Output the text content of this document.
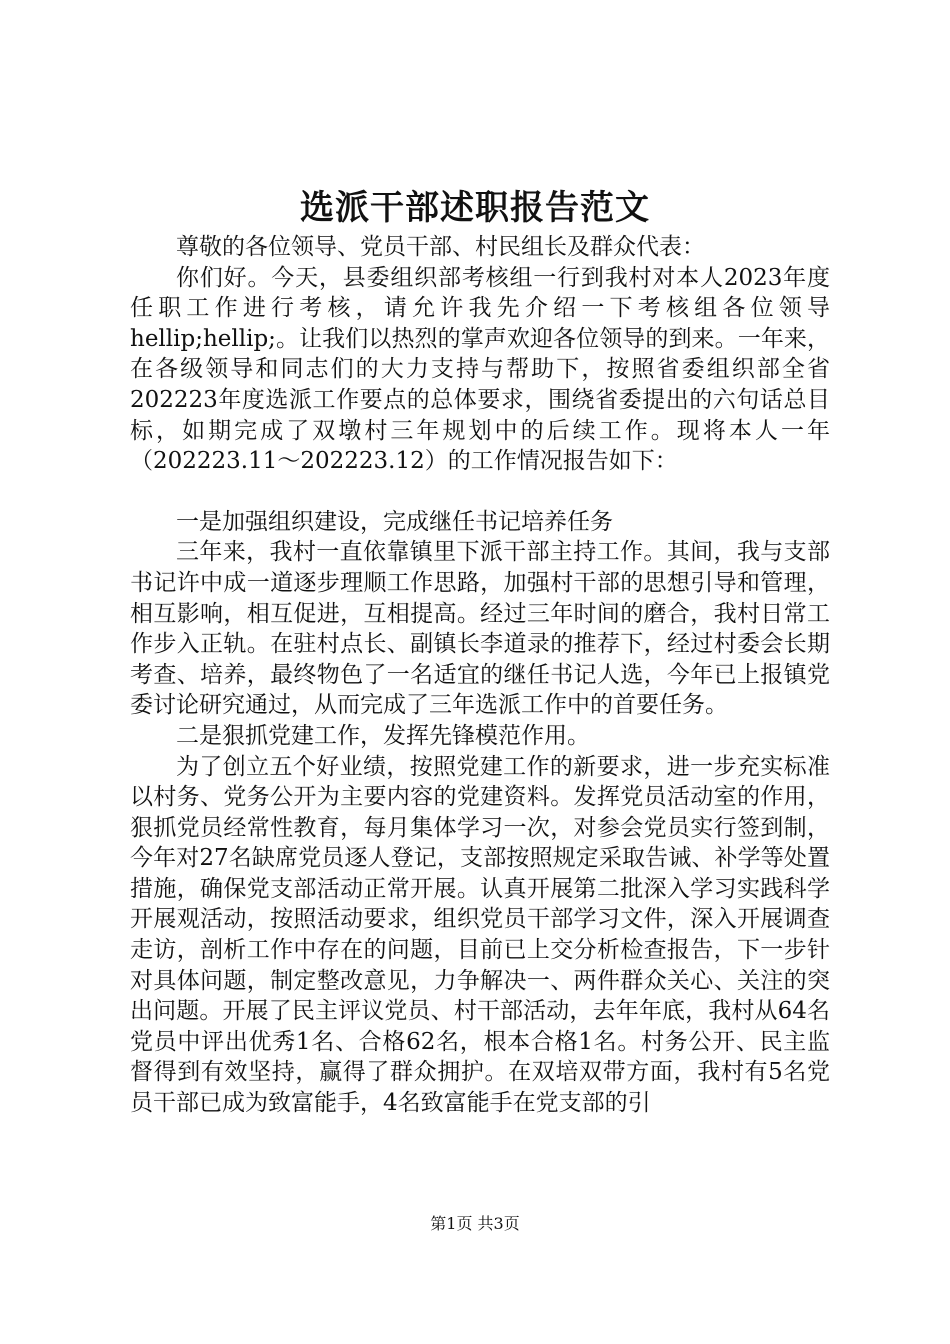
选派干部述职报告范文

尊敬的各位领导、党员干部、村民组长及群众代表：

你们好。今天，县委组织部考核组一行到我村对本人2023年度任职工作进行考核，请允许我先介绍一下考核组各位领导hellip;hellip;。让我们以热烈的掌声欢迎各位领导的到来。一年来，在各级领导和同志们的大力支持与帮助下，按照省委组织部全省202223年度选派工作要点的总体要求，围绕省委提出的六句话总目标，如期完成了双墩村三年规划中的后续工作。现将本人一年（202223.11～202223.12）的工作情况报告如下：

一是加强组织建设，完成继任书记培养任务

三年来，我村一直依靠镇里下派干部主持工作。其间，我与支部书记许中成一道逐步理顺工作思路，加强村干部的思想引导和管理，相互影响，相互促进，互相提高。经过三年时间的磨合，我村日常工作步入正轨。在驻村点长、副镇长李道录的推荐下，经过村委会长期考查、培养，最终物色了一名适宜的继任书记人选，今年已上报镇党委讨论研究通过，从而完成了三年选派工作中的首要任务。

二是狠抓党建工作，发挥先锋模范作用。

为了创立五个好业绩，按照党建工作的新要求，进一步充实标准以村务、党务公开为主要内容的党建资料。发挥党员活动室的作用，狠抓党员经常性教育，每月集体学习一次，对参会党员实行签到制，今年对27名缺席党员逐人登记，支部按照规定采取告诫、补学等处置措施，确保党支部活动正常开展。认真开展第二批深入学习实践科学开展观活动，按照活动要求，组织党员干部学习文件，深入开展调查走访，剖析工作中存在的问题，目前已上交分析检查报告，下一步针对具体问题，制定整改意见，力争解决一、两件群众关心、关注的突出问题。开展了民主评议党员、村干部活动，去年年底，我村从64名党员中评出优秀1名、合格62名，根本合格1名。村务公开、民主监督得到有效坚持，赢得了群众拥护。在双培双带方面，我村有5名党员干部已成为致富能手，4名致富能手在党支部的引

第1页 共3页
